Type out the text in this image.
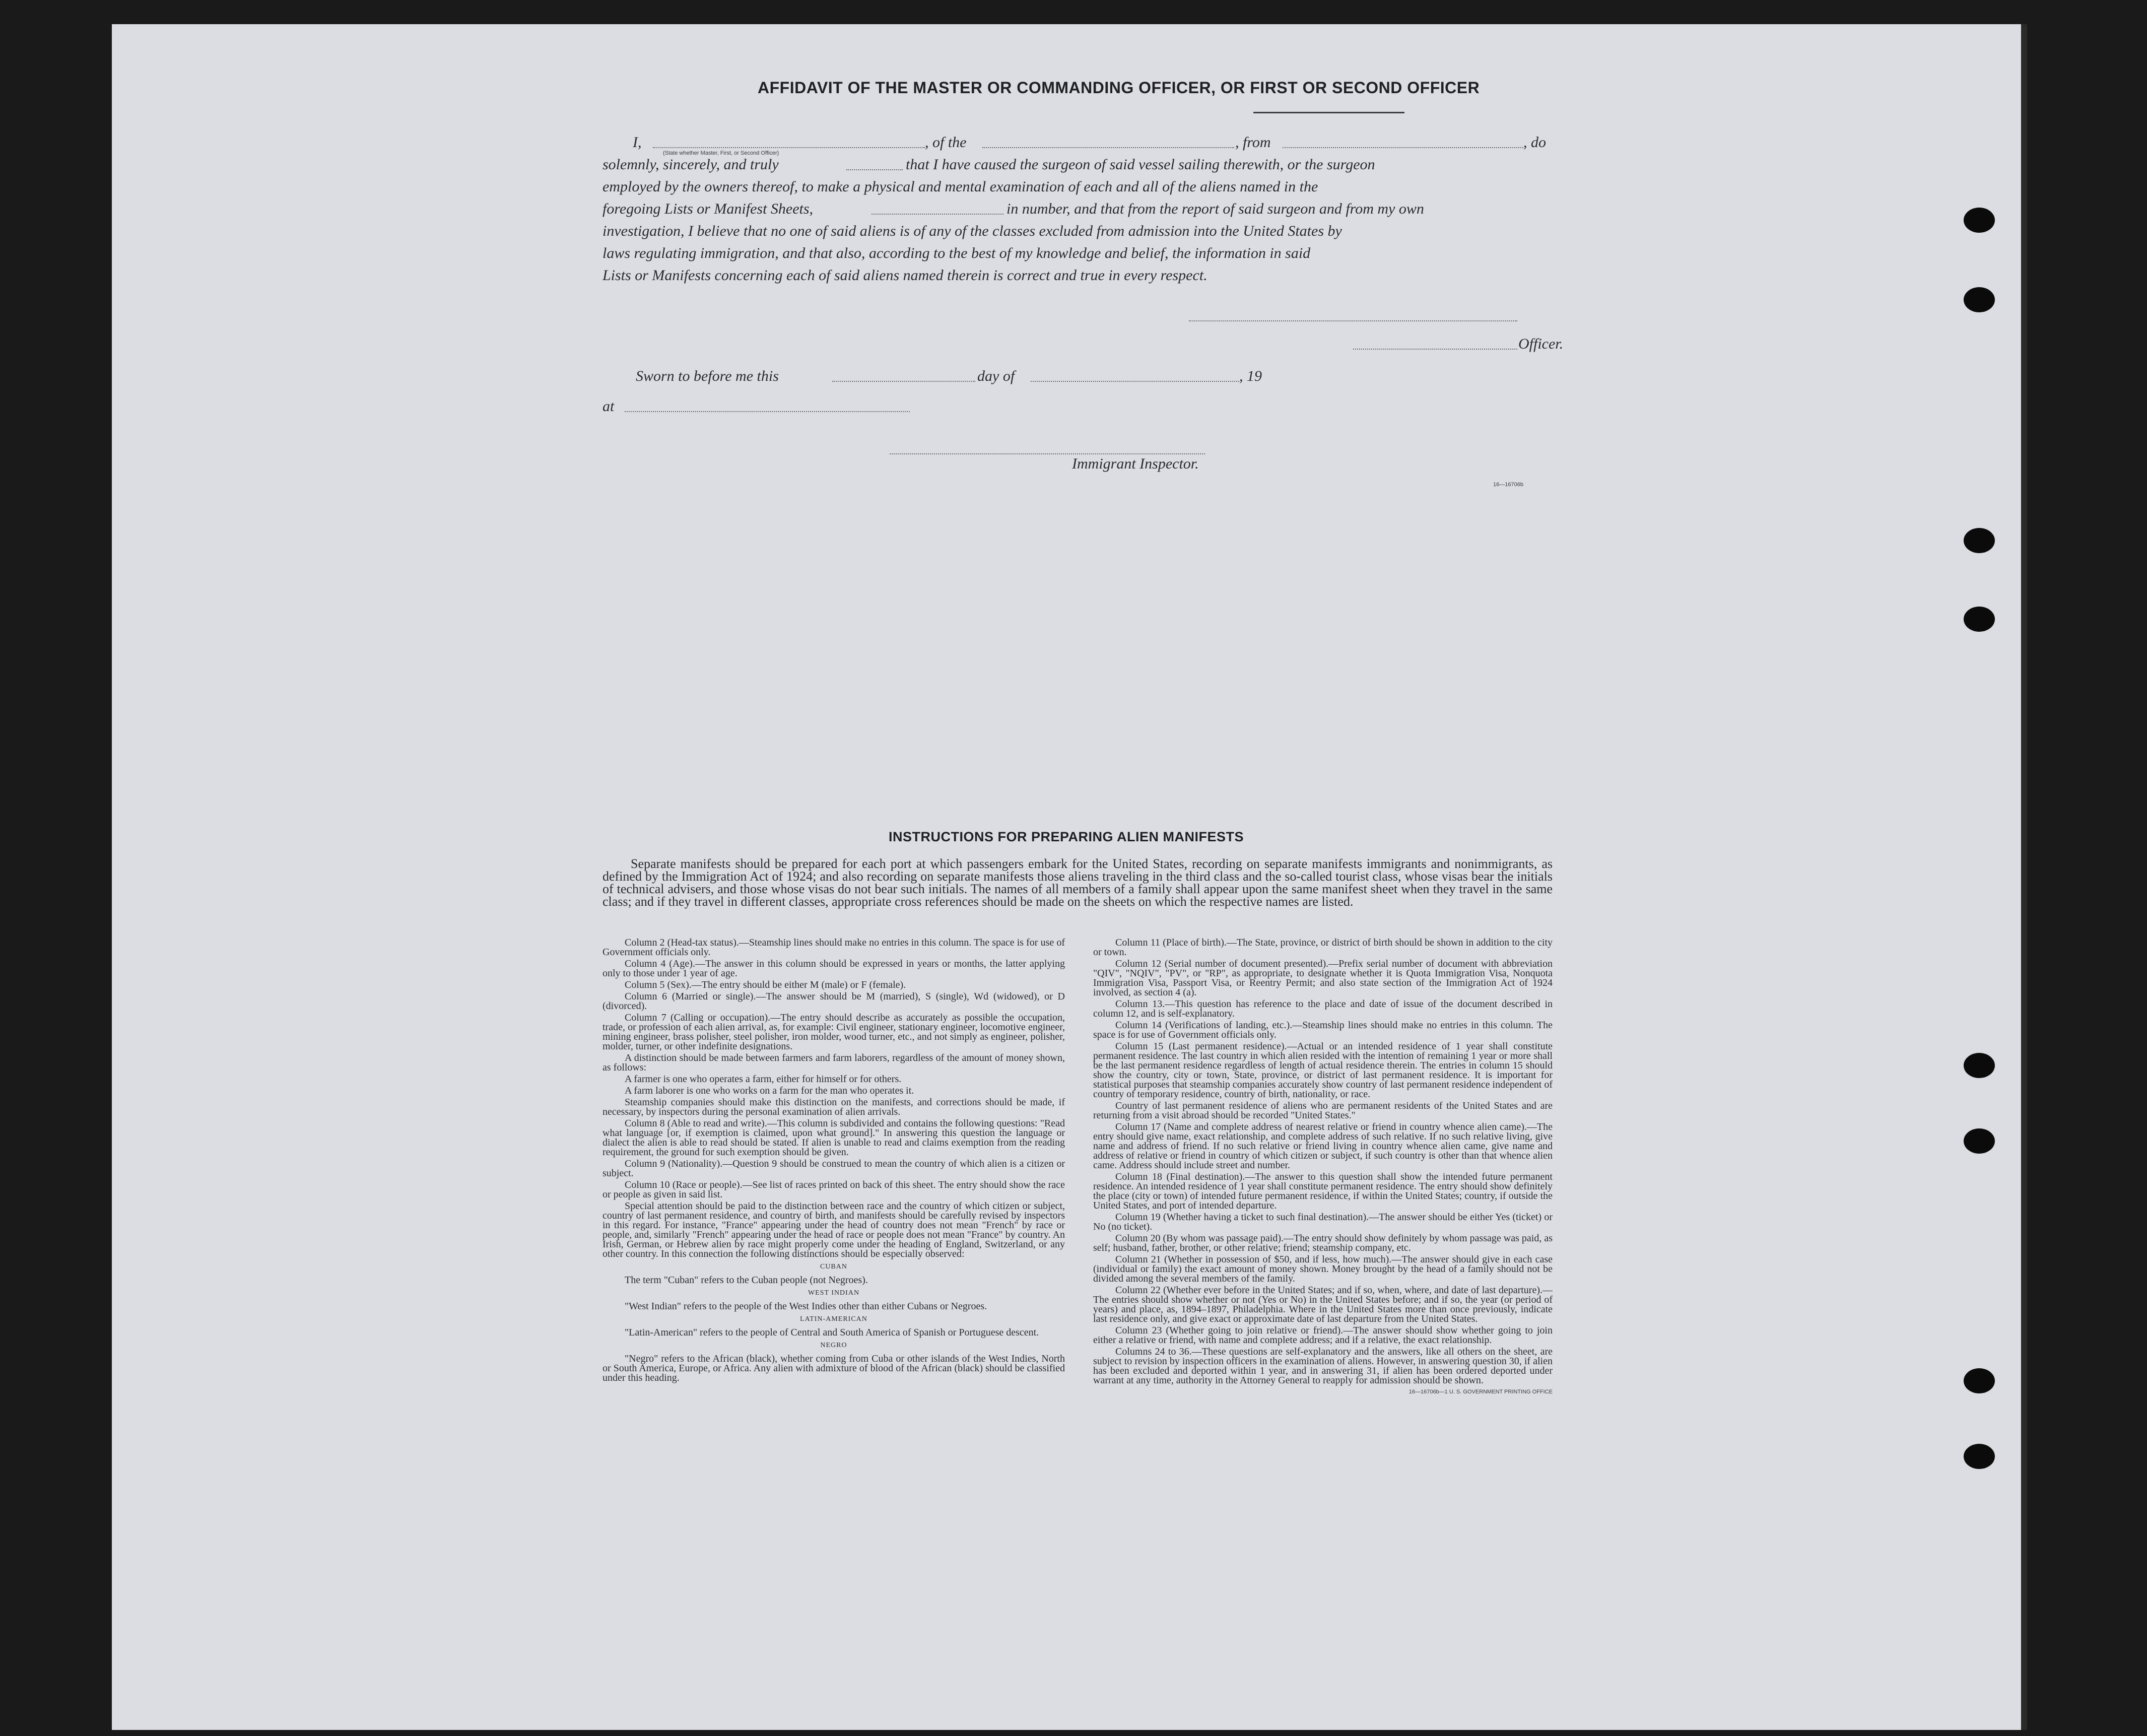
AFFIDAVIT OF THE MASTER OR COMMANDING OFFICER, OR FIRST OR SECOND OFFICER
I,
(State whether Master, First, or Second Officer)
, of the	, from	, do
solemnly, sincerely, and truly	that I have caused the surgeon of said vessel sailing therewith, or the surgeon
employed by the owners thereof, to make a physical and mental examination of each and all of the aliens named in the
foregoing Lists or Manifest Sheets,	in number, and that from the report of said surgeon and from my own
investigation, I believe that no one of said aliens is of any of the classes excluded from admission into the United States by
laws regulating immigration, and that also, according to the best of my knowledge and belief, the information in said
Lists or Manifests concerning each of said aliens named therein is correct and true in every respect.
Officer.
Sworn to before me this	day of	, 19
at
Immigrant Inspector.
16—16706b
INSTRUCTIONS FOR PREPARING ALIEN MANIFESTS
Separate manifests should be prepared for each port at which passengers embark for the United States, recording on separate manifests immigrants and nonimmigrants, as defined by the Immigration Act of 1924; and also recording on separate manifests those aliens traveling in the third class and the so-called tourist class, whose visas bear the initials of technical advisers, and those whose visas do not bear such initials. The names of all members of a family shall appear upon the same manifest sheet when they travel in the same class; and if they travel in different classes, appropriate cross references should be made on the sheets on which the respective names are listed.

Column 2 (Head-tax status).—Steamship lines should make no entries in this column. The space is for use of Government officials only.

Column 4 (Age).—The answer in this column should be expressed in years or months, the latter applying only to those under 1 year of age.

Column 5 (Sex).—The entry should be either M (male) or F (female).

Column 6 (Married or single).—The answer should be M (married), S (single), Wd (widowed), or D (divorced).

Column 7 (Calling or occupation).—The entry should describe as accurately as possible the occupation, trade, or profession of each alien arrival, as, for example: Civil engineer, stationary engineer, locomotive engineer, mining engineer, brass polisher, steel polisher, iron molder, wood turner, etc., and not simply as engineer, polisher, molder, turner, or other indefinite designations.

A distinction should be made between farmers and farm laborers, regardless of the amount of money shown, as follows:

A farmer is one who operates a farm, either for himself or for others.

A farm laborer is one who works on a farm for the man who operates it.

Steamship companies should make this distinction on the manifests, and corrections should be made, if necessary, by inspectors during the personal examination of alien arrivals.

Column 8 (Able to read and write).—This column is subdivided and contains the following questions: "Read what language [or, if exemption is claimed, upon what ground]." In answering this question the language or dialect the alien is able to read should be stated. If alien is unable to read and claims exemption from the reading requirement, the ground for such exemption should be given.

Column 9 (Nationality).—Question 9 should be construed to mean the country of which alien is a citizen or subject.

Column 10 (Race or people).—See list of races printed on back of this sheet. The entry should show the race or people as given in said list.

Special attention should be paid to the distinction between race and the country of which citizen or subject, country of last permanent residence, and country of birth, and manifests should be carefully revised by inspectors in this regard. For instance, "France" appearing under the head of country does not mean "French" by race or people, and, similarly "French" appearing under the head of race or people does not mean "France" by country. An Irish, German, or Hebrew alien by race might properly come under the heading of England, Switzerland, or any other country. In this connection the following distinctions should be especially observed:

CUBAN

The term "Cuban" refers to the Cuban people (not Negroes).

WEST INDIAN

"West Indian" refers to the people of the West Indies other than either Cubans or Negroes.

LATIN-AMERICAN

"Latin-American" refers to the people of Central and South America of Spanish or Portuguese descent.

NEGRO

"Negro" refers to the African (black), whether coming from Cuba or other islands of the West Indies, North or South America, Europe, or Africa. Any alien with admixture of blood of the African (black) should be classified under this heading.

Column 11 (Place of birth).—The State, province, or district of birth should be shown in addition to the city or town.

Column 12 (Serial number of document presented).—Prefix serial number of document with abbreviation "QIV", "NQIV", "PV", or "RP", as appropriate, to designate whether it is Quota Immigration Visa, Nonquota Immigration Visa, Passport Visa, or Reentry Permit; and also state section of the Immigration Act of 1924 involved, as section 4 (a).

Column 13.—This question has reference to the place and date of issue of the document described in column 12, and is self-explanatory.

Column 14 (Verifications of landing, etc.).—Steamship lines should make no entries in this column. The space is for use of Government officials only.

Column 15 (Last permanent residence).—Actual or an intended residence of 1 year shall constitute permanent residence. The last country in which alien resided with the intention of remaining 1 year or more shall be the last permanent residence regardless of length of actual residence therein. The entries in column 15 should show the country, city or town, State, province, or district of last permanent residence. It is important for statistical purposes that steamship companies accurately show country of last permanent residence independent of country of temporary residence, country of birth, nationality, or race.

Country of last permanent residence of aliens who are permanent residents of the United States and are returning from a visit abroad should be recorded "United States."

Column 17 (Name and complete address of nearest relative or friend in country whence alien came).—The entry should give name, exact relationship, and complete address of such relative. If no such relative living, give name and address of friend. If no such relative or friend living in country whence alien came, give name and address of relative or friend in country of which citizen or subject, if such country is other than that whence alien came. Address should include street and number.

Column 18 (Final destination).—The answer to this question shall show the intended future permanent residence. An intended residence of 1 year shall constitute permanent residence. The entry should show definitely the place (city or town) of intended future permanent residence, if within the United States; country, if outside the United States, and port of intended departure.

Column 19 (Whether having a ticket to such final destination).—The answer should be either Yes (ticket) or No (no ticket).

Column 20 (By whom was passage paid).—The entry should show definitely by whom passage was paid, as self; husband, father, brother, or other relative; friend; steamship company, etc.

Column 21 (Whether in possession of $50, and if less, how much).—The answer should give in each case (individual or family) the exact amount of money shown. Money brought by the head of a family should not be divided among the several members of the family.

Column 22 (Whether ever before in the United States; and if so, when, where, and date of last departure).—The entries should show whether or not (Yes or No) in the United States before; and if so, the year (or period of years) and place, as, 1894–1897, Philadelphia. Where in the United States more than once previously, indicate last residence only, and give exact or approximate date of last departure from the United States.

Column 23 (Whether going to join relative or friend).—The answer should show whether going to join either a relative or friend, with name and complete address; and if a relative, the exact relationship.

Columns 24 to 36.—These questions are self-explanatory and the answers, like all others on the sheet, are subject to revision by inspection officers in the examination of aliens. However, in answering question 30, if alien has been excluded and deported within 1 year, and in answering 31, if alien has been ordered deported under warrant at any time, authority in the Attorney General to reapply for admission should be shown.

16—16706b—1 U. S. GOVERNMENT PRINTING OFFICE
